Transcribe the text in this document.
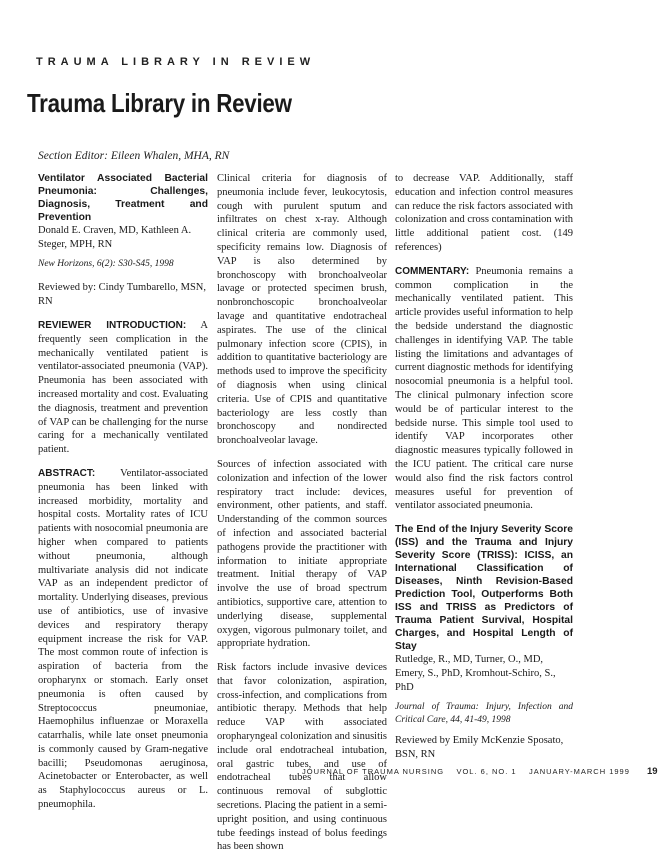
TRAUMA LIBRARY IN REVIEW
Trauma Library in Review
Section Editor: Eileen Whalen, MHA, RN

Ventilator Associated Bacterial Pneumonia: Challenges, Diagnosis, Treatment and Prevention

Donald E. Craven, MD, Kathleen A. Steger, MPH, RN

New Horizons, 6(2): S30-S45, 1998

Reviewed by: Cindy Tumbarello, MSN, RN

REVIEWER INTRODUCTION: A frequently seen complication in the mechanically ventilated patient is ventilator-associated pneumonia (VAP). Pneumonia has been associated with increased mortality and cost. Evaluating the diagnosis, treatment and prevention of VAP can be challenging for the nurse caring for a mechanically ventilated patient.

ABSTRACT: Ventilator-associated pneumonia has been linked with increased morbidity, mortality and hospital costs. Mortality rates of ICU patients with nosocomial pneumonia are higher when compared to patients without pneumonia, although multivariate analysis did not indicate VAP as an independent predictor of mortality. Underlying diseases, previous use of antibiotics, use of invasive devices and respiratory therapy equipment increase the risk for VAP. The most common route of infection is aspiration of bacteria from the oropharynx or stomach. Early onset pneumonia is often caused by Streptococcus pneumoniae, Haemophilus influenzae or Moraxella catarrhalis, while late onset pneumonia is commonly caused by Gram-negative bacilli; Pseudomonas aeruginosa, Acinetobacter or Enterobacter, as well as Staphylococcus aureus or L. pneumophila.

Clinical criteria for diagnosis of pneumonia include fever, leukocytosis, cough with purulent sputum and infiltrates on chest x-ray. Although clinical criteria are commonly used, specificity remains low. Diagnosis of VAP is also determined by bronchoscopy with bronchoalveolar lavage or protected specimen brush, nonbronchoscopic bronchoalveolar lavage and quantitative endotracheal aspirates. The use of the clinical pulmonary infection score (CPIS), in addition to quantitative bacteriology are methods used to improve the specificity of diagnosis when using clinical criteria. Use of CPIS and quantitative bacteriology are less costly than bronchoscopy and nondirected bronchoalveolar lavage.

Sources of infection associated with colonization and infection of the lower respiratory tract include: devices, environment, other patients, and staff. Understanding of the common sources of infection and associated bacterial pathogens provide the practitioner with information to initiate appropriate treatment. Initial therapy of VAP involve the use of broad spectrum antibiotics, supportive care, attention to underlying disease, supplemental oxygen, vigorous pulmonary toilet, and appropriate hydration.

Risk factors include invasive devices that favor colonization, aspiration, cross-infection, and complications from antibiotic therapy. Methods that help reduce VAP with associated oropharyngeal colonization and sinusitis include oral endotracheal intubation, oral gastric tubes, and use of endotracheal tubes that allow continuous removal of subglottic secretions. Placing the patient in a semi-upright position, and using continuous tube feedings instead of bolus feedings has been shown

to decrease VAP. Additionally, staff education and infection control measures can reduce the risk factors associated with colonization and cross contamination with little additional patient cost. (149 references)

COMMENTARY: Pneumonia remains a common complication in the mechanically ventilated patient. This article provides useful information to help the bedside understand the diagnostic challenges in identifying VAP. The table listing the limitations and advantages of current diagnostic methods for identifying nosocomial pneumonia is a helpful tool. The clinical pulmonary infection score would be of particular interest to the bedside nurse. This simple tool used to identify VAP incorporates other diagnostic measures typically followed in the ICU patient. The critical care nurse would also find the risk factors control measures useful for prevention of ventilator associated pneumonia.

The End of the Injury Severity Score (ISS) and the Trauma and Injury Severity Score (TRISS): ICISS, an International Classification of Diseases, Ninth Revision-Based Prediction Tool, Outperforms Both ISS and TRISS as Predictors of Trauma Patient Survival, Hospital Charges, and Hospital Length of Stay

Rutledge, R., MD, Turner, O., MD, Emery, S., PhD, Kromhout-Schiro, S., PhD

Journal of Trauma: Injury, Infection and Critical Care, 44, 41-49, 1998

Reviewed by Emily McKenzie Sposato, BSN, RN

JOURNAL OF TRAUMA NURSING VOL. 6, NO. 1 JANUARY-MARCH 1999 19
